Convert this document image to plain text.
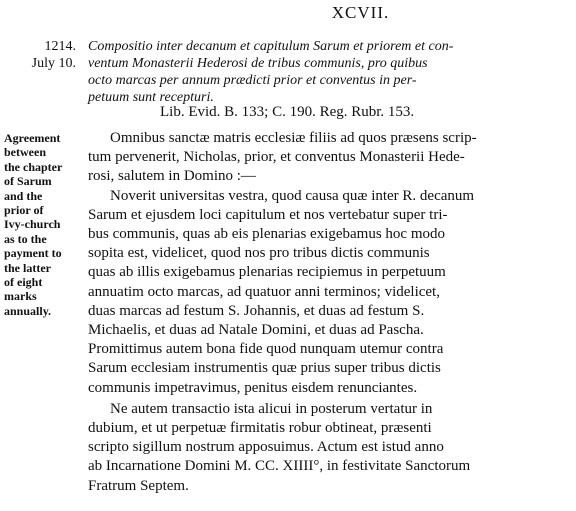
XCVII.
1214.
July 10.
Compositio inter decanum et capitulum Sarum et priorem et con-
ventum Monasterii Hederosi de tribus communis, pro quibus
octo marcas per annum prædicti prior et conventus in per-
petuum sunt recepturi.
Lib. Evid. B. 133; C. 190. Reg. Rubr. 153.
Agreement
between
the chapter
of Sarum
and the
prior of
Ivy-church
as to the
payment to
the latter
of eight
marks
annually.
Omnibus sanctæ matris ecclesiæ filiis ad quos præsens scrip-
tum pervenerit, Nicholas, prior, et conventus Monasterii Hede-
rosi, salutem in Domino :—
Noverit universitas vestra, quod causa quæ inter R. decanum
Sarum et ejusdem loci capitulum et nos vertebatur super tri-
bus communis, quas ab eis plenarias exigebamus hoc modo
sopita est, videlicet, quod nos pro tribus dictis communis
quas ab illis exigebamus plenarias recipiemus in perpetuum
annuatim octo marcas, ad quatuor anni terminos; videlicet,
duas marcas ad festum S. Johannis, et duas ad festum S.
Michaelis, et duas ad Natale Domini, et duas ad Pascha.
Promittimus autem bona fide quod nunquam utemur contra
Sarum ecclesiam instrumentis quæ prius super tribus dictis
communis impetravimus, penitus eisdem renunciantes.
Ne autem transactio ista alicui in posterum vertatur in
dubium, et ut perpetuæ firmitatis robur obtineat, præsenti
scripto sigillum nostrum apposuimus. Actum est istud anno
ab Incarnatione Domini M. CC. XIIII°, in festivitate Sanctorum
Fratrum Septem.
